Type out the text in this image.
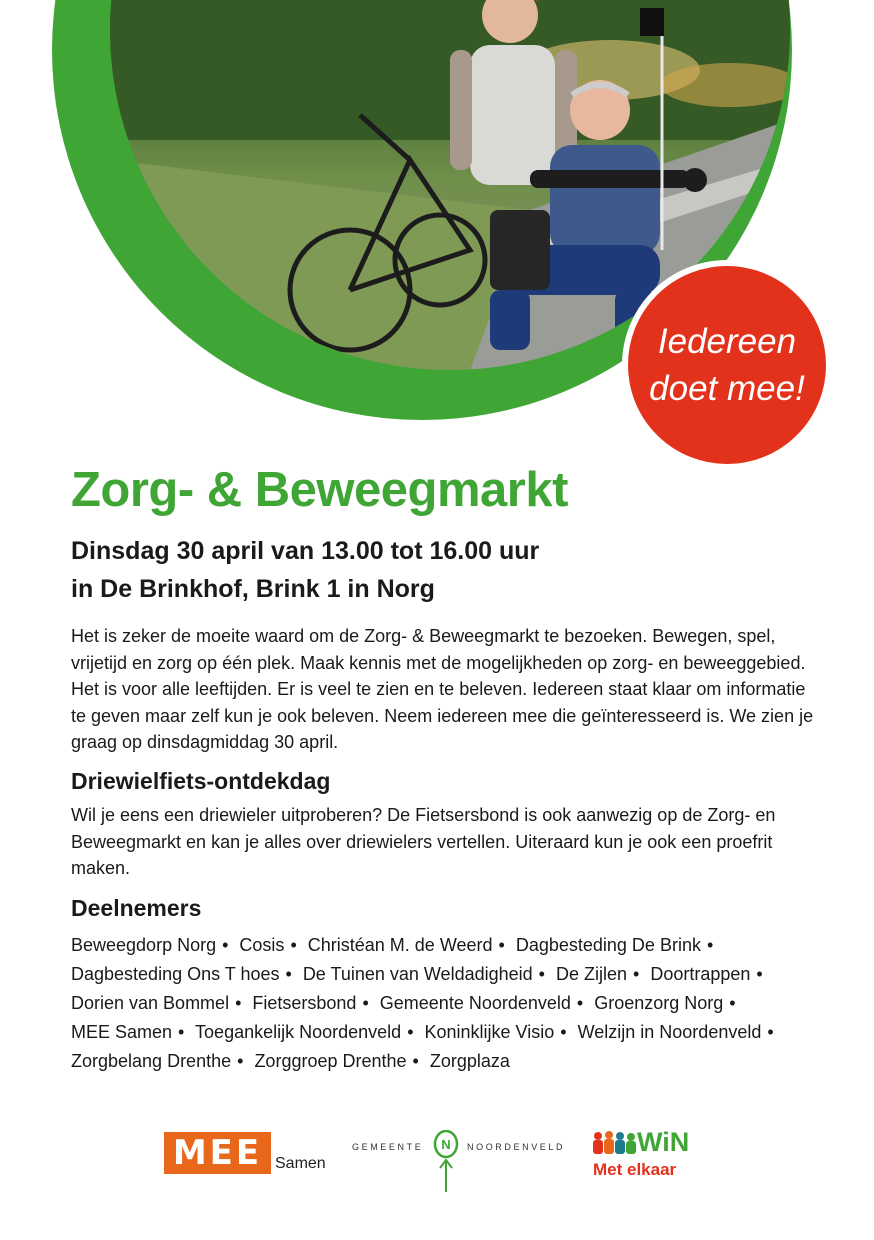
Iedereen
doet mee!
Zorg- & Beweegmarkt
Dinsdag 30 april van 13.00 tot 16.00 uur
in De Brinkhof, Brink 1 in Norg

Het is zeker de moeite waard om de Zorg- & Beweegmarkt te bezoeken. Bewegen, spel, vrijetijd en zorg op één plek. Maak kennis met de mogelijkheden op zorg- en beweeggebied. Het is voor alle leeftijden. Er is veel te zien en te beleven. Iedereen staat klaar om informatie te geven maar zelf kun je ook beleven. Neem iedereen mee die geïnteresseerd is. We zien je graag op dinsdagmiddag 30 april.

Driewielfiets-ontdekdag

Wil je eens een driewieler uitproberen? De Fietsersbond is ook aanwezig op de Zorg- en Beweegmarkt en kan je alles over driewielers vertellen. Uiteraard kun je ook een proefrit maken.

Deelnemers

Beweegdorp Norg • Cosis • Christéan M. de Weerd • Dagbesteding De Brink • Dagbesteding Ons T hoes • De Tuinen van Weldadigheid • De Zijlen • Doortrappen • Dorien van Bommel • Fietsersbond • Gemeente Noordenveld • Groenzorg Norg • MEE Samen • Toegankelijk Noordenveld • Koninklijke Visio • Welzijn in Noordenveld • Zorgbelang Drenthe • Zorggroep Drenthe • Zorgplaza

MEE Samen
GEMEENTE N NOORDENVELD	WiN
Met elkaar
